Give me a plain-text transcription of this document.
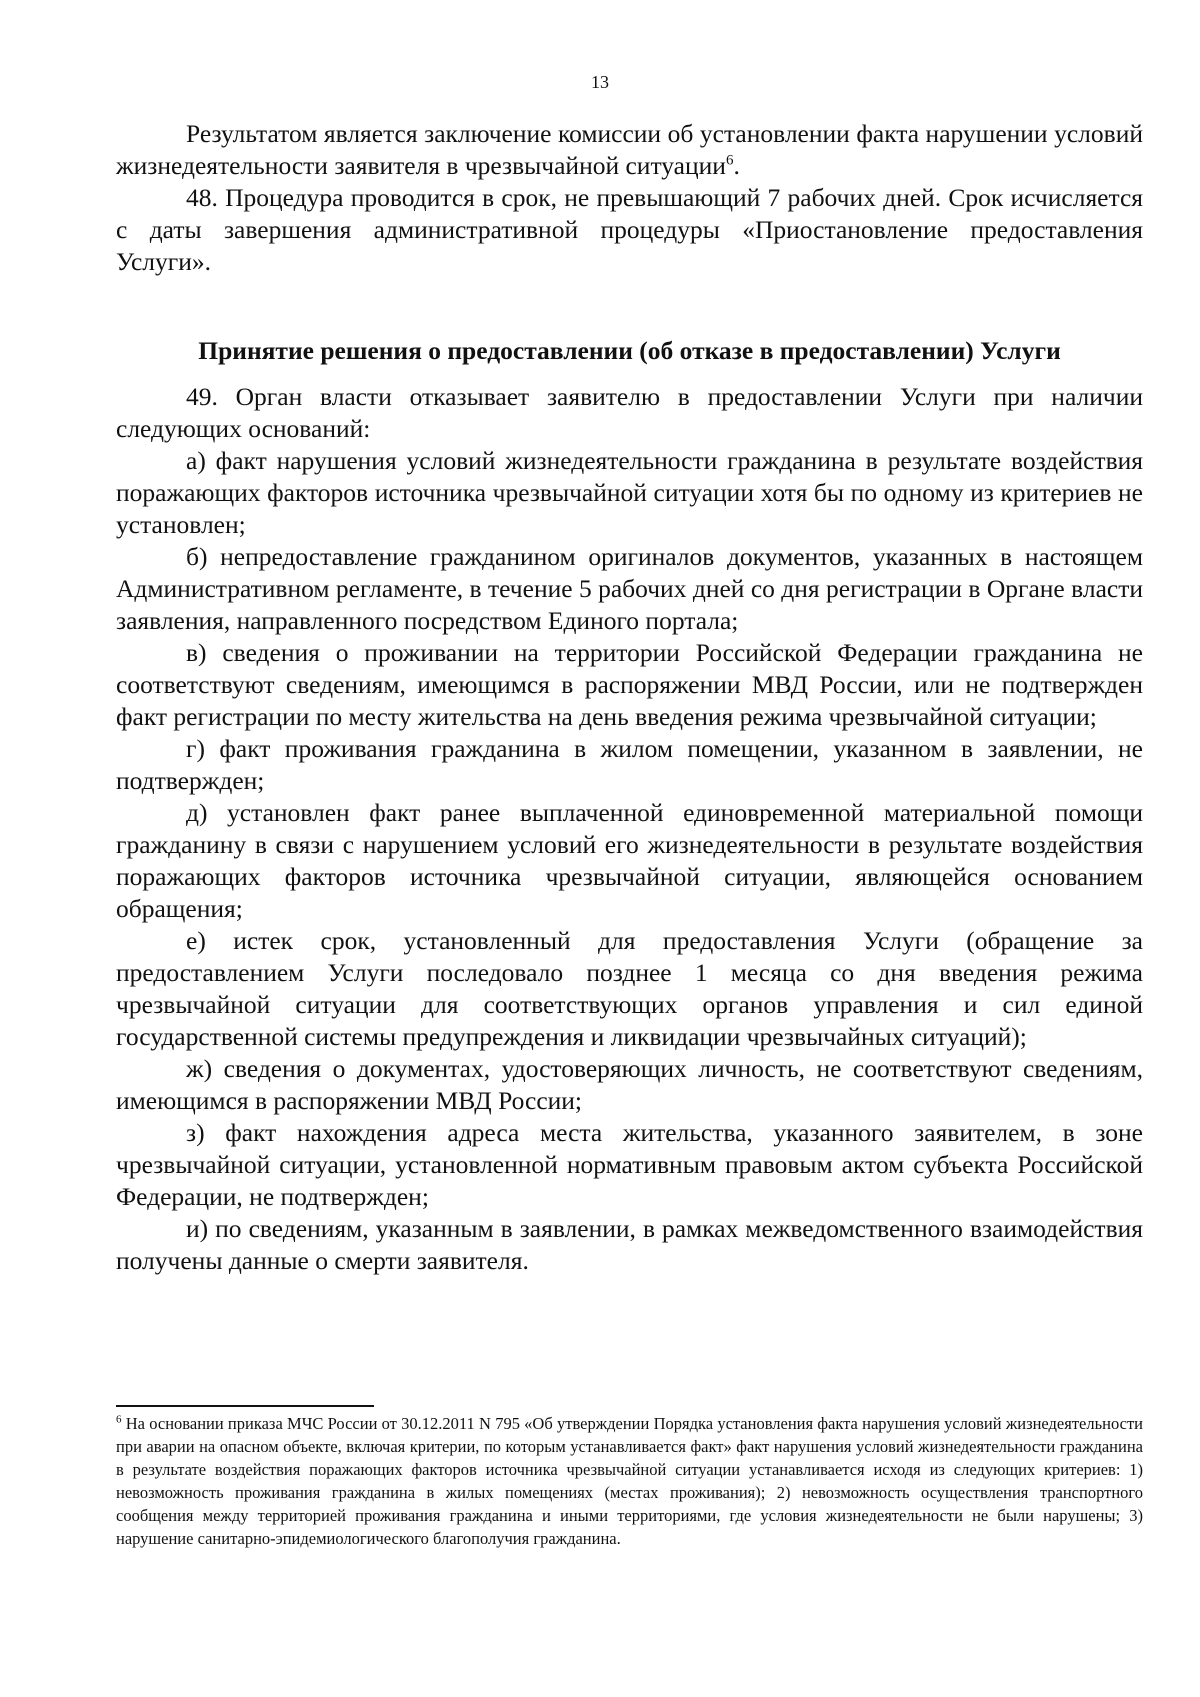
13

Результатом является заключение комиссии об установлении факта нарушении условий жизнедеятельности заявителя в чрезвычайной ситуации$^6$.

48. Процедура проводится в срок, не превышающий 7 рабочих дней. Срок исчисляется с даты завершения административной процедуры «Приостановление предоставления Услуги».

Принятие решения о предоставлении (об отказе в предоставлении) Услуги

49. Орган власти отказывает заявителю в предоставлении Услуги при наличии следующих оснований:

а) факт нарушения условий жизнедеятельности гражданина в результате воздействия поражающих факторов источника чрезвычайной ситуации хотя бы по одному из критериев не установлен;

б) непредоставление гражданином оригиналов документов, указанных в настоящем Административном регламенте, в течение 5 рабочих дней со дня регистрации в Органе власти заявления, направленного посредством Единого портала;

в) сведения о проживании на территории Российской Федерации гражданина не соответствуют сведениям, имеющимся в распоряжении МВД России, или не подтвержден факт регистрации по месту жительства на день введения режима чрезвычайной ситуации;

г) факт проживания гражданина в жилом помещении, указанном в заявлении, не подтвержден;

д) установлен факт ранее выплаченной единовременной материальной помощи гражданину в связи с нарушением условий его жизнедеятельности в результате воздействия поражающих факторов источника чрезвычайной ситуации, являющейся основанием обращения;

е) истек срок, установленный для предоставления Услуги (обращение за предоставлением Услуги последовало позднее 1 месяца со дня введения режима чрезвычайной ситуации для соответствующих органов управления и сил единой государственной системы предупреждения и ликвидации чрезвычайных ситуаций);

ж) сведения о документах, удостоверяющих личность, не соответствуют сведениям, имеющимся в распоряжении МВД России;

з) факт нахождения адреса места жительства, указанного заявителем, в зоне чрезвычайной ситуации, установленной нормативным правовым актом субъекта Российской Федерации, не подтвержден;

и) по сведениям, указанным в заявлении, в рамках межведомственного взаимодействия получены данные о смерти заявителя.

$^6$ На основании приказа МЧС России от 30.12.2011 N 795 «Об утверждении Порядка установления факта нарушения условий жизнедеятельности при аварии на опасном объекте, включая критерии, по которым устанавливается факт» факт нарушения условий жизнедеятельности гражданина в результате воздействия поражающих факторов источника чрезвычайной ситуации устанавливается исходя из следующих критериев: 1) невозможность проживания гражданина в жилых помещениях (местах проживания); 2) невозможность осуществления транспортного сообщения между территорией проживания гражданина и иными территориями, где условия жизнедеятельности не были нарушены; 3) нарушение санитарно-эпидемиологического благополучия гражданина.
